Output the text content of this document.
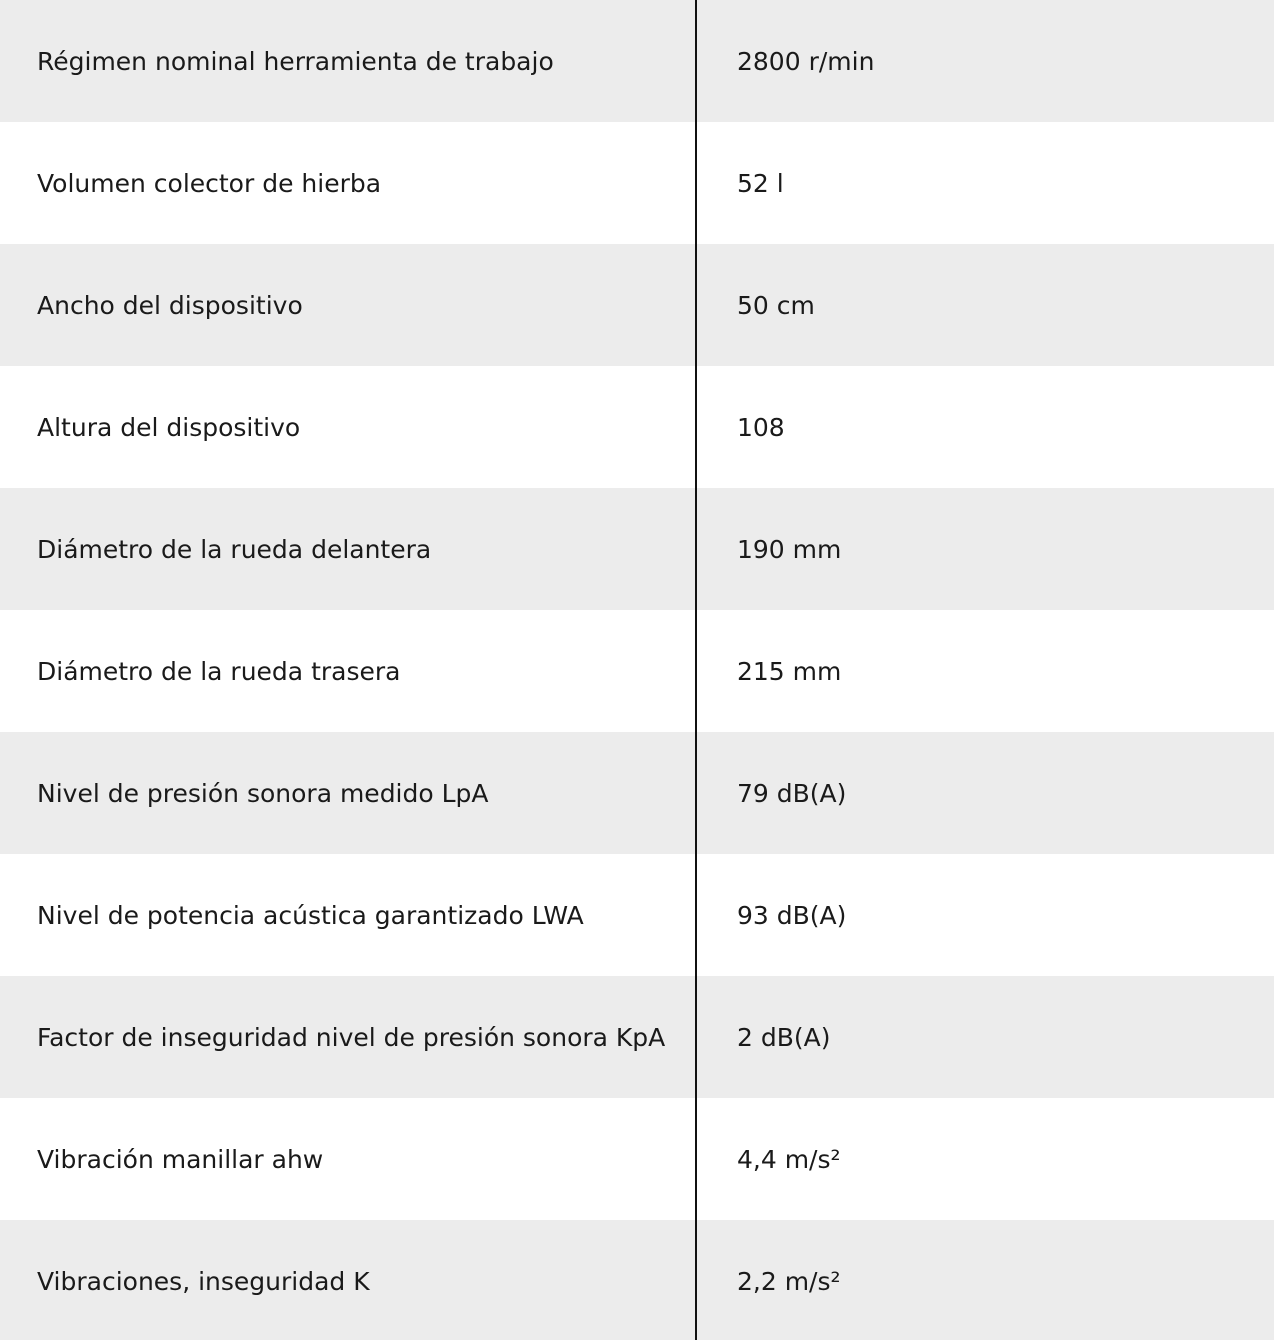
Régimen nominal herramienta de trabajo	2800 r/min
Volumen colector de hierba	52 l
Ancho del dispositivo	50 cm
Altura del dispositivo	108
Diámetro de la rueda delantera	190 mm
Diámetro de la rueda trasera	215 mm
Nivel de presión sonora medido LpA	79 dB(A)
Nivel de potencia acústica garantizado LWA	93 dB(A)
Factor de inseguridad nivel de presión sonora KpA	2 dB(A)
Vibración manillar ahw	4,4 m/s²
Vibraciones, inseguridad K	2,2 m/s²
